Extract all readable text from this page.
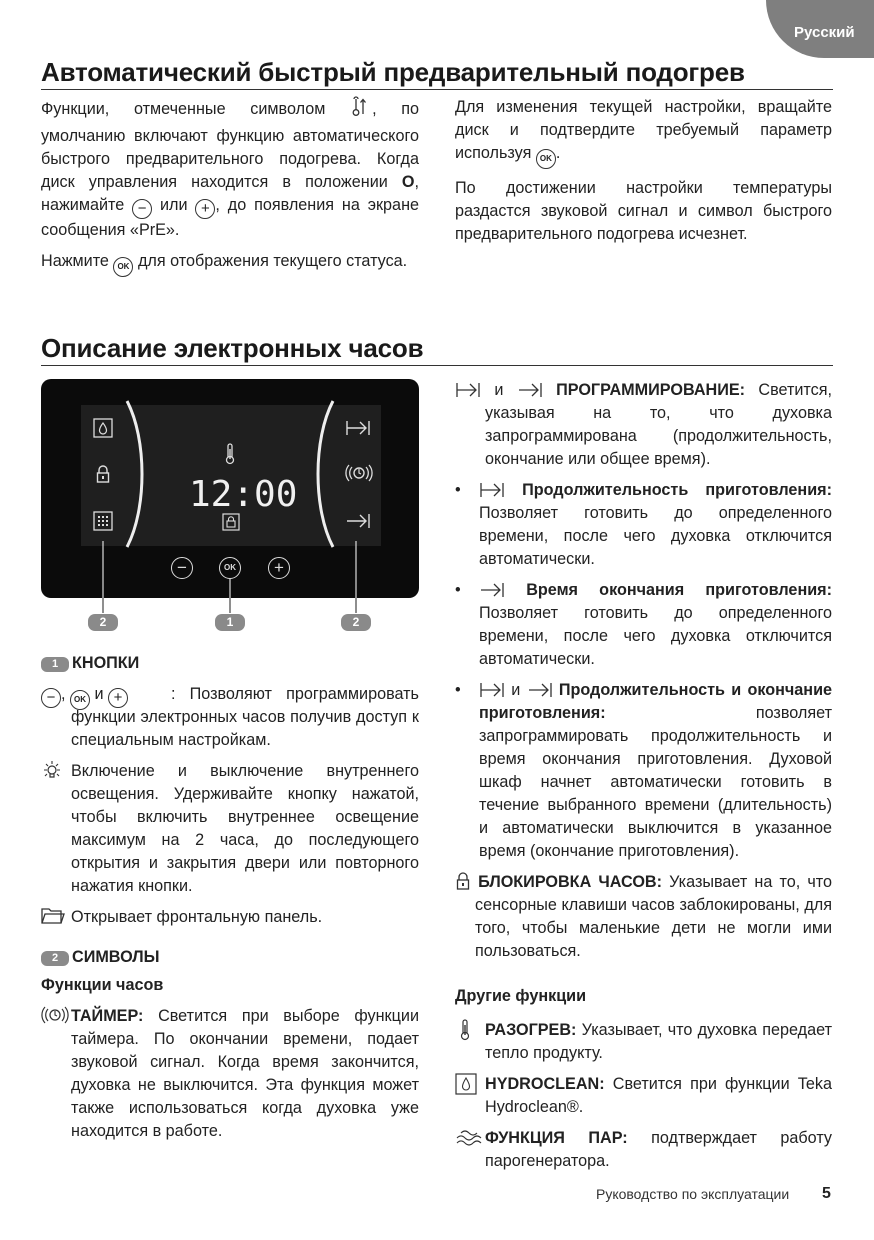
Русский
Автоматический быстрый предварительный подогрев

Функции, отмеченные символом	, по умолчанию включают функцию автоматического быстрого предварительного подогрева. Когда диск управления находится в положении O, нажимайте − или + , до появления на экране сообщения «PrE».

Нажмите OK для отображения текущего статуса.

Для изменения текущей настройки, вращайте диск и подтвердите требуемый параметр используя OK .

По достижении настройки температуры раздастся звуковой сигнал и символ быстрого предварительного подогрева исчезнет.

Описание электронных часов
12:00
−	OK	+
2	1	2
1 КНОПКИ

− , OK и +	: Позволяют программировать функции электронных часов получив доступ к специальным настройкам.

Включение и выключение внутреннего освещения. Удерживайте кнопку нажатой, чтобы включить внутреннее освещение максимум на 2 часа, до последующего открытия и закрытия двери или повторного нажатия кнопки.

Открывает фронтальную панель.

2 СИМВОЛЫ
Функции часов

ТАЙМЕР: Светится при выборе функции таймера. По окончании времени, подает звуковой сигнал. Когда время закончится, духовка не выключится. Эта функция может также использоваться когда духовка уже находится в работе.

и	ПРОГРАММИРОВАНИЕ: Светится, указывая на то, что духовка запрограммирована (продолжительность, окончание или общее время).

• Продолжительность приготовления: Позволяет готовить до определенного времени, после чего духовка отключится автоматически.

• Время окончания приготовления: Позволяет готовить до определенного времени, после чего духовка отключится автоматически.

• и Продолжительность и окончание приготовления:	позволяет запрограммировать продолжительность и время окончания приготовления. Духовой шкаф начнет автоматически готовить в течение выбранного времени (длительность) и автоматически выключится в указанное время (окончание приготовления).

БЛОКИРОВКА ЧАСОВ: Указывает на то, что сенсорные клавиши часов заблокированы, для того, чтобы маленькие дети не могли ими пользоваться.

Другие функции

РАЗОГРЕВ: Указывает, что духовка передает тепло продукту.

HYDROCLEAN: Светится при функции Teka Hydroclean®.

ФУНКЦИЯ ПАР: подтверждает работу парогенератора.

Руководство по эксплуатации 5
